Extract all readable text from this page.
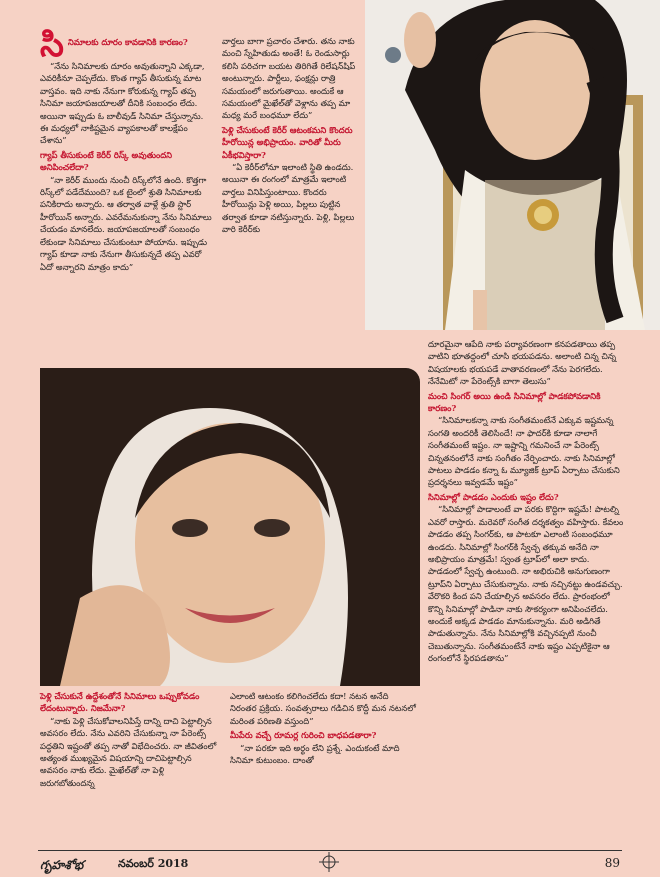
సి నిమాలకు దూరం కావడానికి కారణం?

“నేను సినిమాలకు దూరం అవుతున్నాని ఎక్కడా, ఎవరికీనూ చెప్పలేదు. కొంత గ్యాప్ తీసుకున్న మాట వాస్తవం. ఇది నాకు నేనుగా కోరుకున్న గ్యాప్ తప్ప సినిమా జయాపజయాలతో దీనికి సంబంధం లేదు. అయినా ఇప్పుడు ఓ బాలీవుడ్ సినిమా చేస్తున్నాను. ఈ మధ్యలో నాకిష్టమైన వ్యాపకాలతో కాలక్షేపం చేశాను”

గ్యాప్ తీసుకుంటే కెరీర్ రిస్క్ అవుతుందని అనిపించలేదా?

“నా కెరీర్ ముందు నుంచీ రిస్క్‌లోనే ఉంది. కొత్తగా రిస్క్‌లో పడేదేముంది? ఒక టైంలో శ్రుతి సినిమాలకు పనికిరాదు అన్నారు. ఆ తర్వాత వాళ్లే శ్రుతి స్టార్ హీరోయిన్ అన్నారు. ఎవరేమనుకున్నా నేను సినిమాలు చేయడం మానలేదు. జయాపజయాలతో సంబంధం లేకుండా సినిమాలు చేసుకుంటూ పోయాను. ఇప్పుడు గ్యాప్ కూడా నాకు నేనుగా తీసుకున్నదే తప్ప ఎవరో ఏదో అన్నారని మాత్రం కాదు”

వార్తలు బాగా ప్రచారం చేశారు. తను నాకు మంచి స్నేహితుడు అంతే! ఓ రెండుసార్లు కలిసి పరిచగా బయట తిరిగితే రిలేషన్‌షిప్ అంటున్నారు. పార్టీలు, ఫంక్షన్లు రాత్రి సమయంలో జరుగుతాయి. అందుకే ఆ సమయంలో మైఖేల్‌తో వెళ్లాను తప్ప మా మధ్య మరే బంధమూ లేదు”

పెళ్లి చేసుకుంటే కెరీర్ ఆటంకమని కొందరు హీరోయిన్ల అభిప్రాయం. వారితో మీరు ఏకీభవిస్తారా?

“ఏ కెరీర్‌లోనూ ఇలాంటి స్థితి ఉండదు. అయినా ఈ రంగంలో మాత్రమే ఇలాంటి వార్తలు వినిపిస్తుంటాయి. కొందరు హీరోయిన్లు పెళ్లి అయి, పిల్లలు పుట్టిన తర్వాత కూడా నటిస్తున్నారు. పెళ్లి, పిల్లలు వారి కెరీర్‌కు

దూరమైనా ఆపేది నాకు పర్యావరణంగా కనపడతాయి తప్ప వాటిని భూతద్దంలో చూసి భయపడను. అలాంటి చిన్న చిన్న విషయాలకు భయపడే వాతావరణంలో నేను పెరగలేదు. నేనేమిటో నా పేరెంట్స్‌కి బాగా తెలుసు”

మంచి సింగర్ అయి ఉండి సినిమాల్లో పాడకపోవడానికి కారణం?

“సినిమాలకన్నా నాకు సంగీతమంటేనే ఎక్కువ ఇష్టమన్న సంగతి అందరికీ తెలిసిందే! నా ఫాదర్‌కి కూడా నాలాగే సంగీతమంటే ఇష్టం. నా ఇష్టాన్ని గమనించే నా పేరెంట్స్ చిన్నతనంలోనే నాకు సంగీతం నేర్పించారు. నాకు సినిమాల్లో పాటలు పాడడం కన్నా ఓ మ్యూజిక్ ట్రూప్ ఏర్పాటు చేసుకుని ప్రదర్శనలు ఇవ్వడమే ఇష్టం”

సినిమాల్లో పాడడం ఎందుకు ఇష్టం లేదు?

“సినిమాల్లో పాడాలంటే వా పరకు కొద్దిగా ఇష్టమే! పాటల్ని ఎవరో రాస్తారు. మరెవరో సంగీత దర్శకత్వం వహిస్తారు. కేవలం పాడడం తప్ప సింగర్‌కు, ఆ పాటకూ ఎలాంటి సంబంధమూ ఉండదు. సినిమాల్లో సింగర్‌కి స్వేచ్ఛ తక్కువ అనేది నా అభిప్రాయం మాత్రమే! స్వంత ట్రూప్‌లో అలా కాదు. పాడడంలో స్వేచ్ఛ ఉంటుంది. నా అభిరుచికి అనుగుణంగా ట్రూప్‌ని ఏర్పాటు చేసుకున్నాను. నాకు నచ్చినట్టు ఉండవచ్చు. వేరొకరి కింద పని చేయాల్సిన అవసరం లేదు. ప్రారంభంలో కొన్ని సినిమాల్లో పాడినా నాకు సౌకర్యంగా అనిపించలేదు. అందుకే అక్కడ పాడడం మానుకున్నాను. మరి అడిగితే పాడుతున్నాను. నేను సినిమాల్లోకి వచ్చినప్పటి నుంచీ చెబుతున్నాను. సంగీతమంటేనే నాకు ఇష్టం ఎప్పటికైనా ఆ రంగంలోనే స్థిరపడతాను”

పెళ్లి చేసుకునే ఉద్దేశంతోనే సినిమాలు ఒప్పుకోవడం లేదంటున్నారు. నిజమేనా?

“నాకు పెళ్లి చేసుకోవాలనిపిస్తే దాన్ని దాచి పెట్టాల్సిన అవసరం లేదు. నేను ఎవరిని చేసుకున్నా నా పేరెంట్స్ పద్ధతిని ఇష్టంతో తప్ప నాతో విభేదించరు. నా జీవితంలో అత్యంత ముఖ్యమైన విషయాన్ని దాచిపెట్టాల్సిన అవసరం నాకు లేదు. మైఖేల్‌తో నా పెళ్లి జరుగబోతుందన్న

ఎలాంటి ఆటంకం కలిగించలేదు కదా! నటన అనేది నిరంతర ప్రక్రియ. సంవత్సరాలు గడిచిన కొద్దీ మన నటనలో మరింత పరిణతి వస్తుంది”

మీపేరు వచ్చే రూమర్ల గురించి బాధపడతారా?

“నా పరకూ ఇది అర్థం లేని ప్రశ్నే. ఎందుకంటే మాది సినిమా కుటుంబం. దాంతో

గృహశోభ	నవంబర్ 2018	89
